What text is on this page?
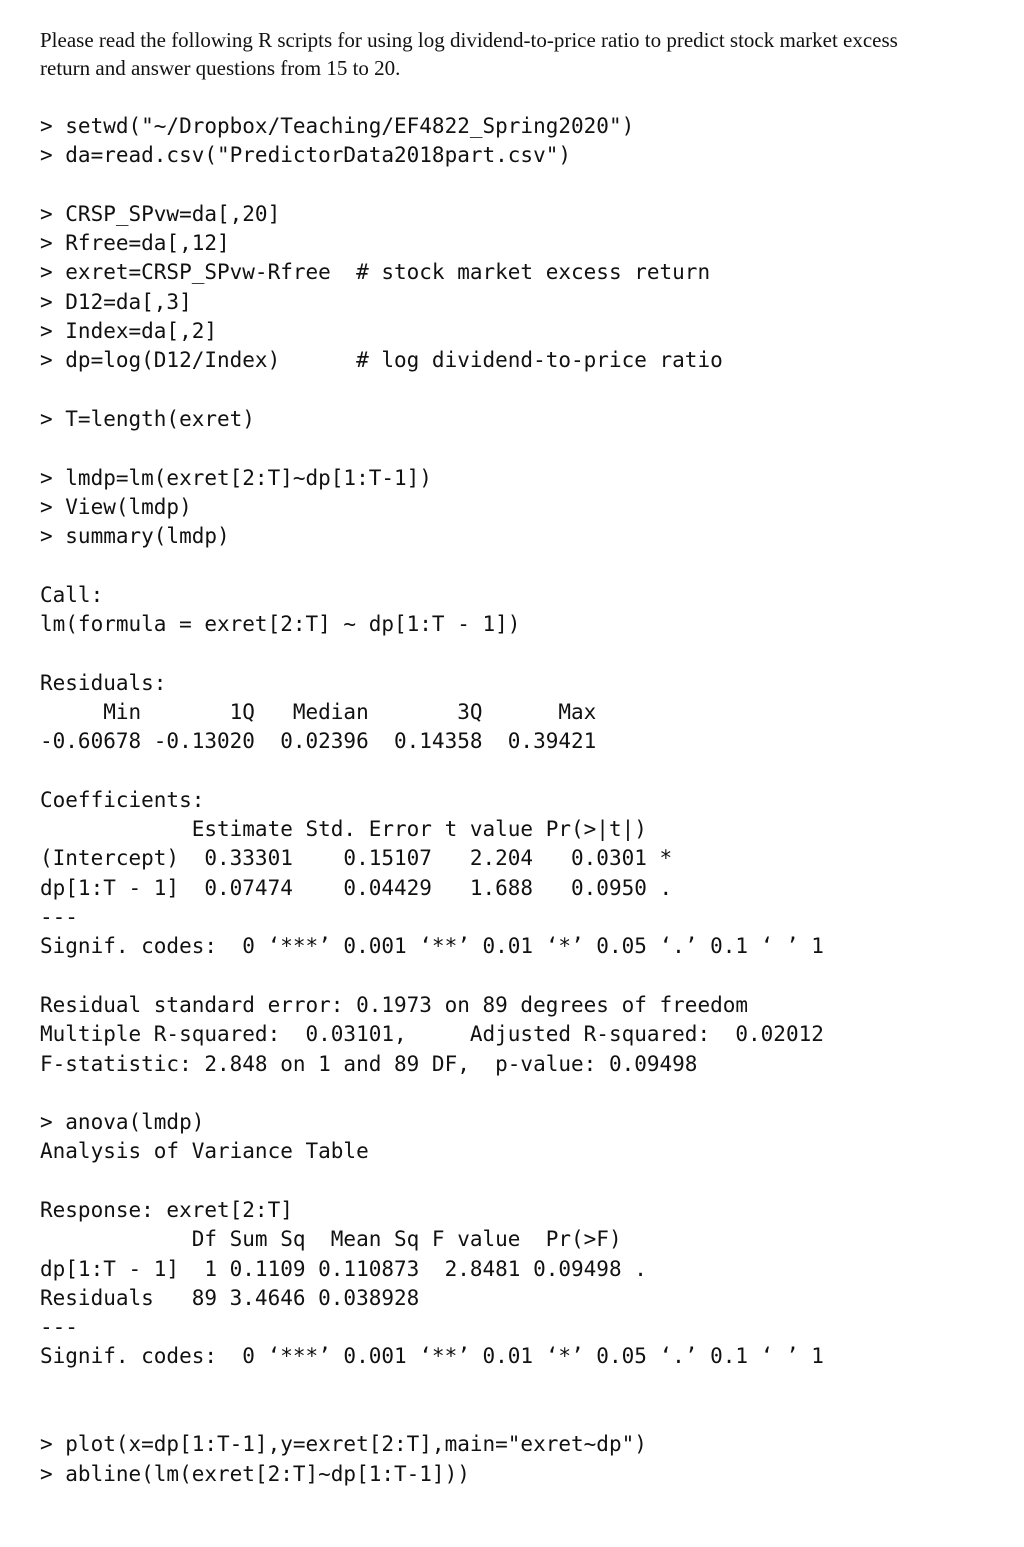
Please read the following R scripts for using log dividend-to-price ratio to predict stock market excess return and answer questions from 15 to 20.

> setwd("~/Dropbox/Teaching/EF4822_Spring2020")
> da=read.csv("PredictorData2018part.csv")
> CRSP_SPvw=da[,20]
> Rfree=da[,12]
> exret=CRSP_SPvw-Rfree  # stock market excess return
> D12=da[,3]
> Index=da[,2]
> dp=log(D12/Index)      # log dividend-to-price ratio
> T=length(exret)
> lmdp=lm(exret[2:T]~dp[1:T-1])
> View(lmdp)
> summary(lmdp)
Call:
lm(formula = exret[2:T] ~ dp[1:T - 1])
Residuals:
Min       1Q   Median       3Q      Max
-0.60678 -0.13020  0.02396  0.14358  0.39421
Coefficients:
Estimate Std. Error t value Pr(>|t|)
(Intercept)  0.33301    0.15107   2.204   0.0301 *
dp[1:T - 1]  0.07474    0.04429   1.688   0.0950 .
---
Signif. codes:  0 ‘***’ 0.001 ‘**’ 0.01 ‘*’ 0.05 ‘.’ 0.1 ‘ ’ 1
Residual standard error: 0.1973 on 89 degrees of freedom
Multiple R-squared:  0.03101,     Adjusted R-squared:  0.02012
F-statistic: 2.848 on 1 and 89 DF,  p-value: 0.09498
> anova(lmdp)
Analysis of Variance Table
Response: exret[2:T]
Df Sum Sq  Mean Sq F value  Pr(>F)
dp[1:T - 1]  1 0.1109 0.110873  2.8481 0.09498 .
Residuals   89 3.4646 0.038928
---
Signif. codes:  0 ‘***’ 0.001 ‘**’ 0.01 ‘*’ 0.05 ‘.’ 0.1 ‘ ’ 1
> plot(x=dp[1:T-1],y=exret[2:T],main="exret~dp")
> abline(lm(exret[2:T]~dp[1:T-1]))
